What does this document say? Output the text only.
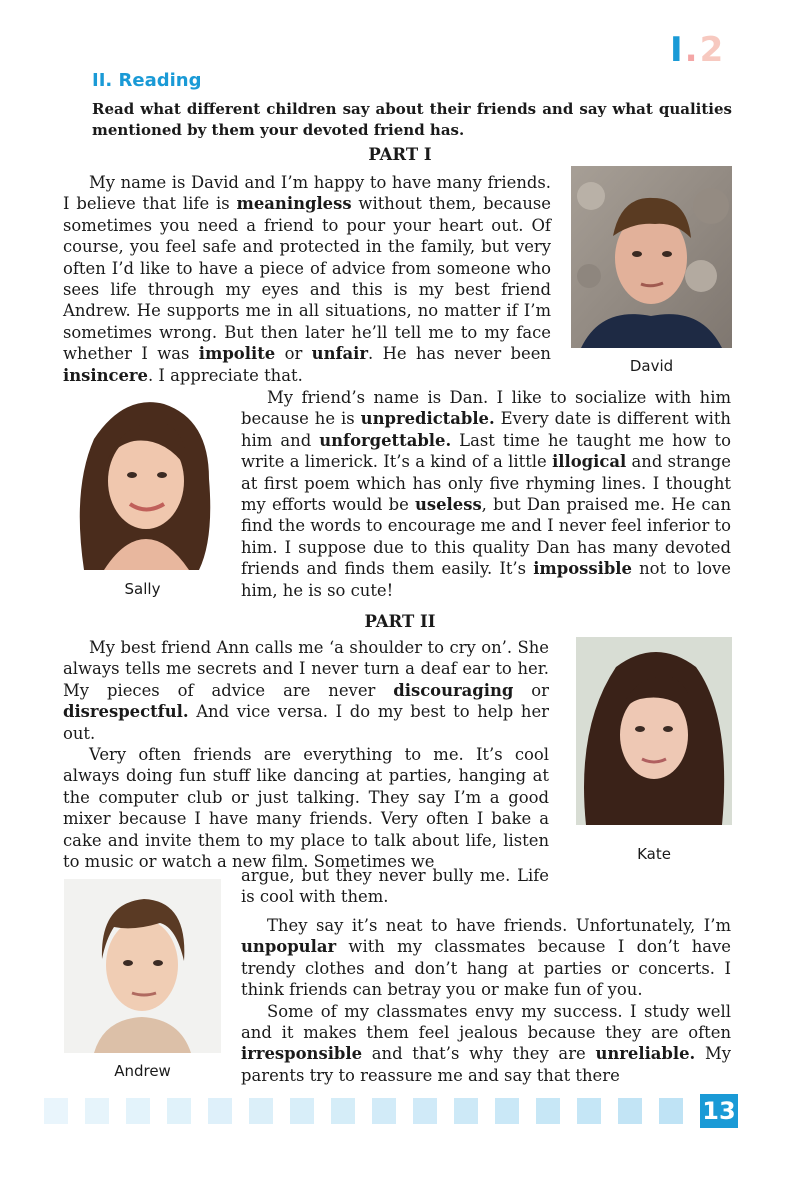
I.2
II. Reading
Read what different children say about their friends and say what qualities mentioned by them your devoted friend has.
PART I

My name is David and I’m happy to have many friends. I believe that life is meaningless without them, because sometimes you need a friend to pour your heart out. Of course, you feel safe and protected in the family, but very often I’d like to have a piece of advice from someone who sees life through my eyes and this is my best friend Andrew. He supports me in all situations, no matter if I’m sometimes wrong. But then later he’ll tell me to my face whether I was impolite or unfair. He has never been insincere. I appreciate that.	David
Sally

My friend’s name is Dan. I like to socialize with him because he is unpredictable. Every date is different with him and unforgettable. Last time he taught me how to write a limerick. It’s a kind of a little illogical and strange at first poem which has only five rhyming lines. I thought my efforts would be useless, but Dan praised me. He can find the words to encourage me and I never feel inferior to him. I suppose due to this quality Dan has many devoted friends and finds them easily. It’s impossible not to love him, he is so cute!

PART II

My best friend Ann calls me ‘a shoulder to cry on’. She always tells me secrets and I never turn a deaf ear to her. My pieces of advice are never discouraging or disrespectful. And vice versa. I do my best to help her out.

Very often friends are everything to me. It’s cool always doing fun stuff like dancing at parties, hanging at the computer club or just talking. They say I’m a good mixer because I have many friends. Very often I bake a cake and invite them to my place to talk about life, listen to music or watch a new film. Sometimes we

argue, but they never bully me. Life is cool with them.

Kate
Andrew

They say it’s neat to have friends. Unfortunately, I’m unpopular with my classmates because I don’t have trendy clothes and don’t hang at parties or concerts. I think friends can betray you or make fun of you.

Some of my classmates envy my success. I study well and it makes them feel jealous because they are often irresponsible and that’s why they are unreliable. My parents try to reassure me and say that there

13
